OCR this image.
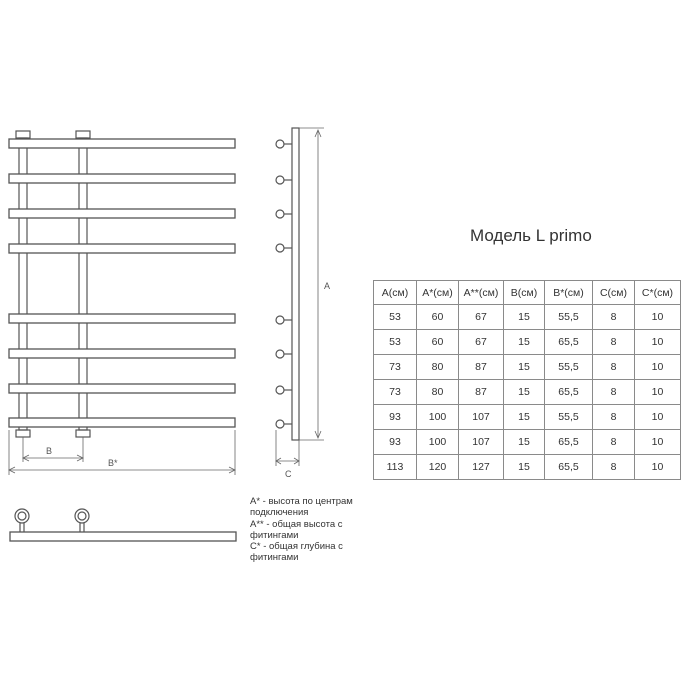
B
B*
A
C
Модель L primo
A(см)	A*(см)	A**(см)	B(см)	B*(см)	C(см)	C*(см)
53	60	67	15	55,5	8	10
53	60	67	15	65,5	8	10
73	80	87	15	55,5	8	10
73	80	87	15	65,5	8	10
93	100	107	15	55,5	8	10
93	100	107	15	65,5	8	10
113	120	127	15	65,5	8	10

А* - высота по центрам подключения

А** - общая высота с фитингами

С* - общая глубина с фитингами
